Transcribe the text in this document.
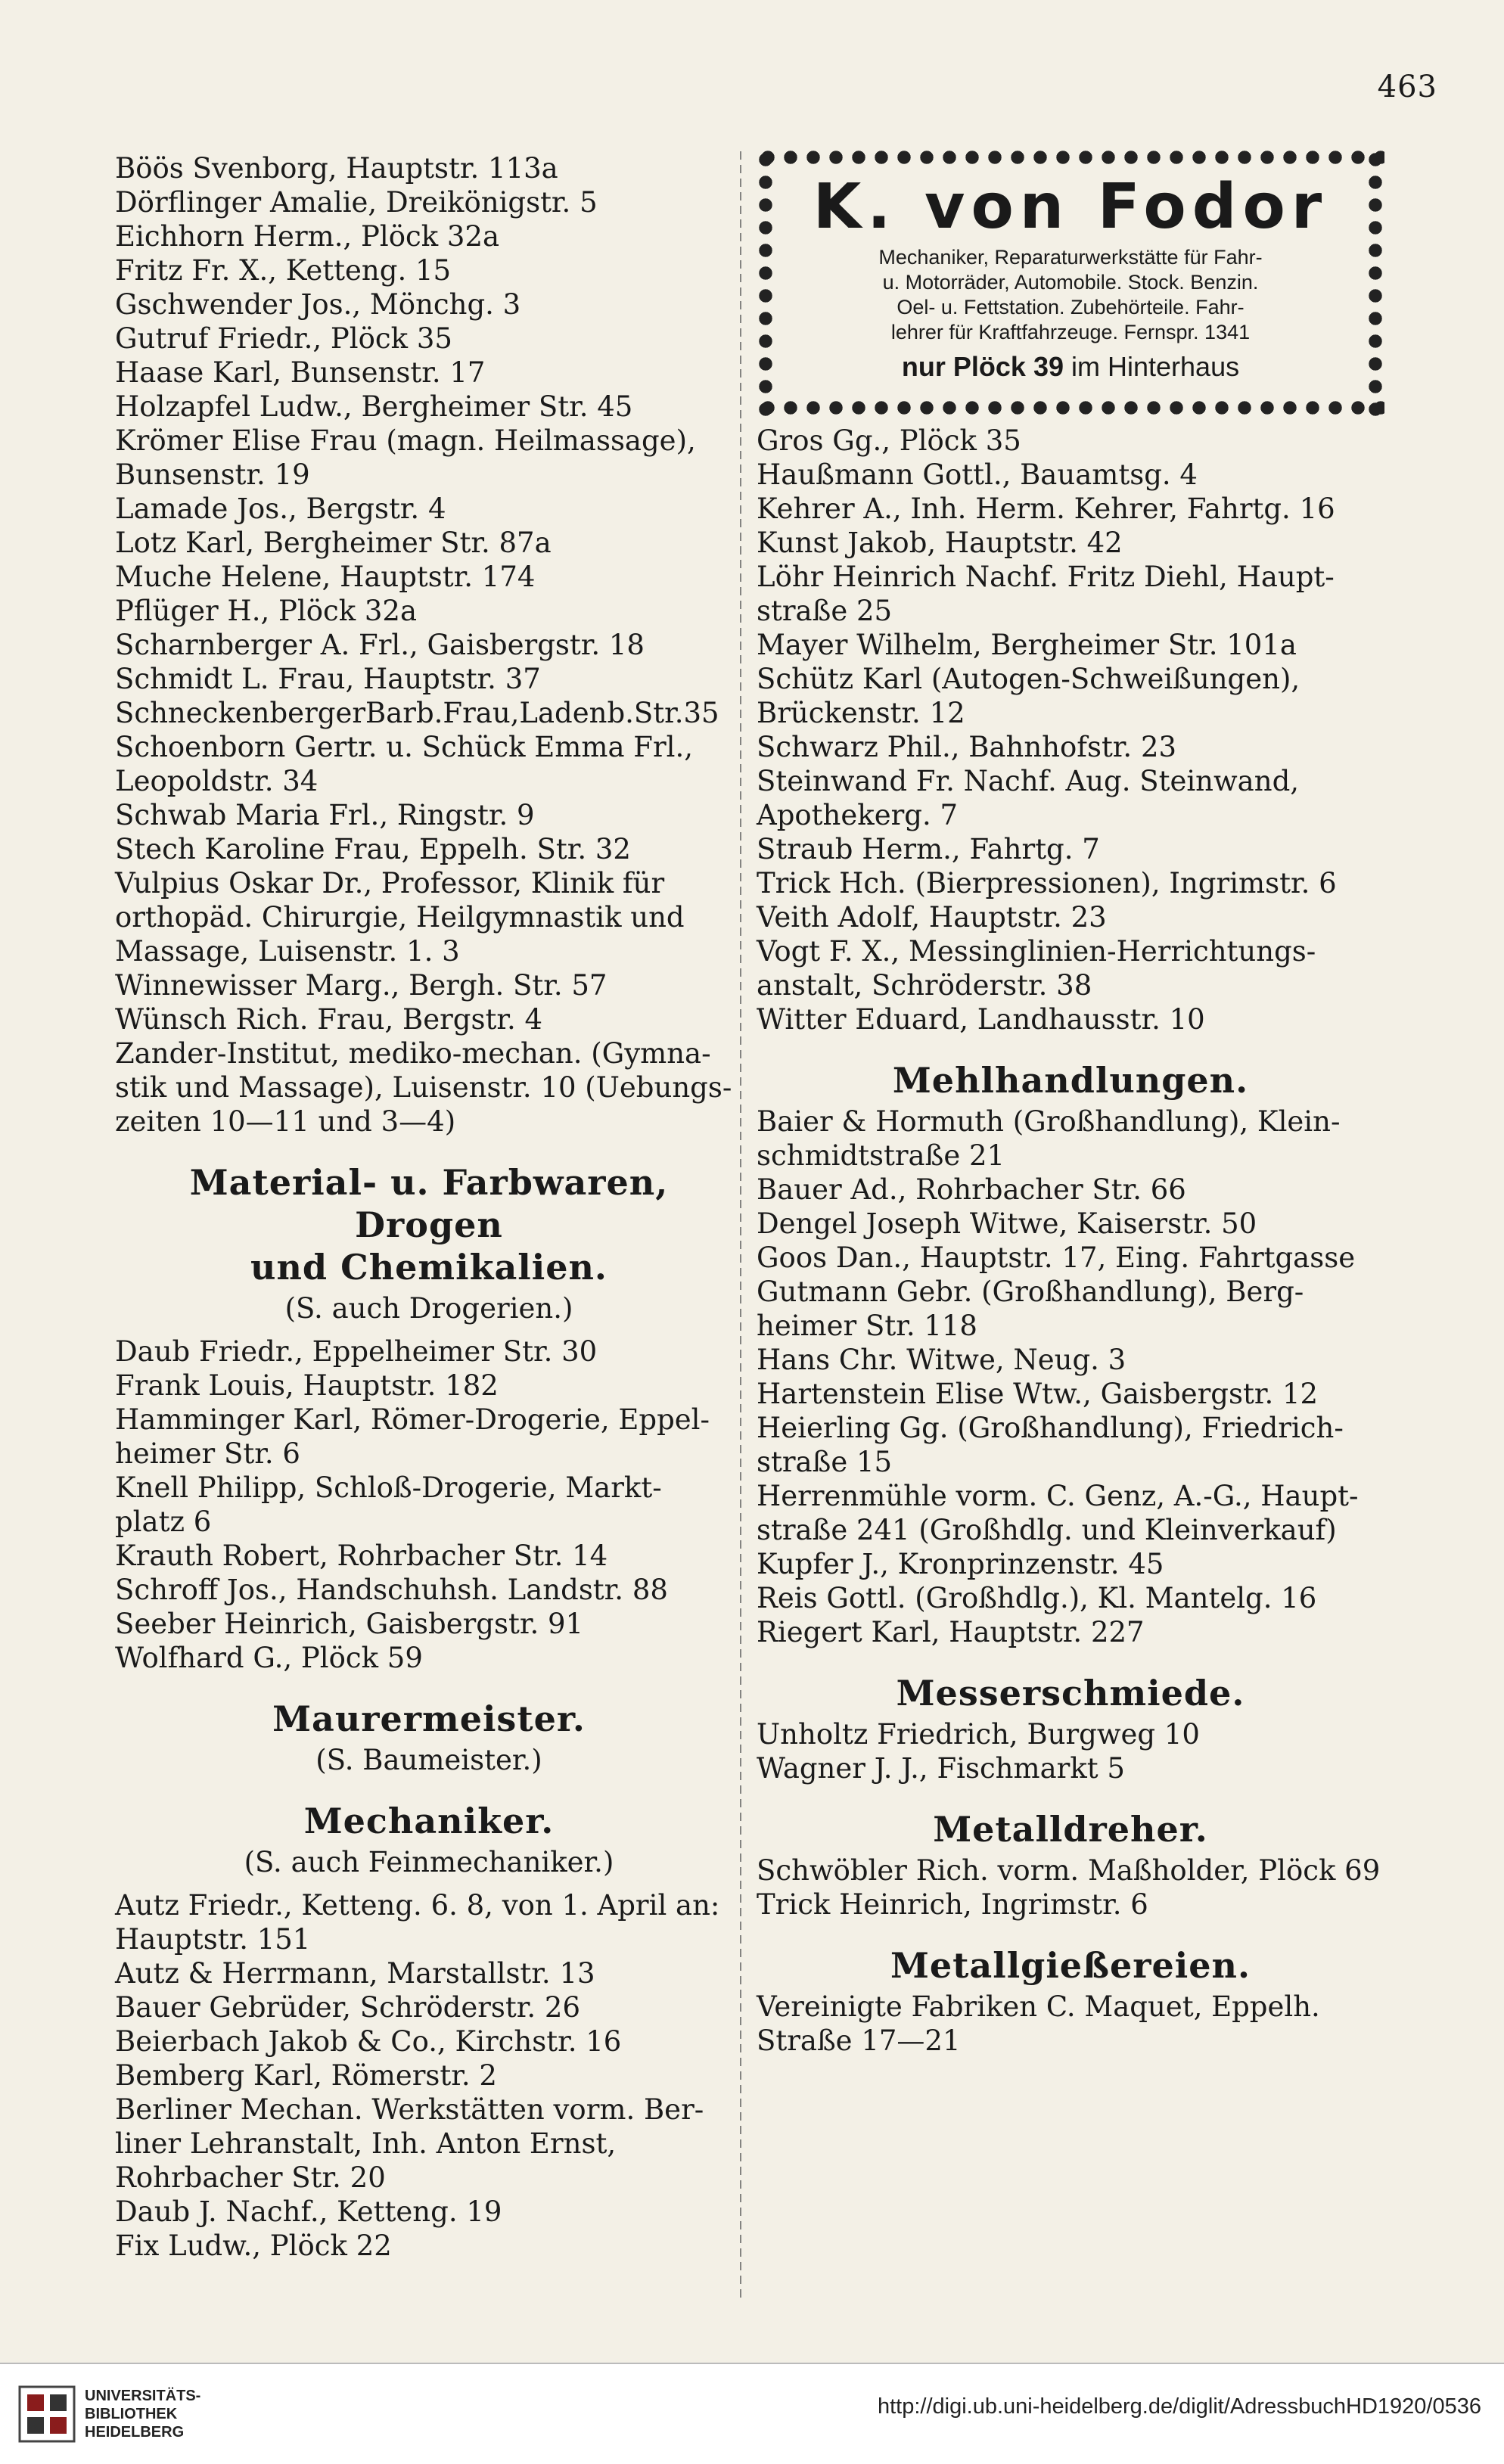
463

Böös Svenborg, Hauptstr. 113a

Dörflinger Amalie, Dreikönigstr. 5

Eichhorn Herm., Plöck 32a

Fritz Fr. X., Ketteng. 15

Gschwender Jos., Mönchg. 3

Gutruf Friedr., Plöck 35

Haase Karl, Bunsenstr. 17

Holzapfel Ludw., Bergheimer Str. 45

Krömer Elise Frau (magn. Heilmassage),
Bunsenstr. 19

Lamade Jos., Bergstr. 4

Lotz Karl, Bergheimer Str. 87a

Muche Helene, Hauptstr. 174

Pflüger H., Plöck 32a

Scharnberger A. Frl., Gaisbergstr. 18

Schmidt L. Frau, Hauptstr. 37

SchneckenbergerBarb.Frau,Ladenb.Str.35

Schoenborn Gertr. u. Schück Emma Frl.,
Leopoldstr. 34

Schwab Maria Frl., Ringstr. 9

Stech Karoline Frau, Eppelh. Str. 32

Vulpius Oskar Dr., Professor, Klinik für
orthopäd. Chirurgie, Heilgymnastik und
Massage, Luisenstr. 1. 3

Winnewisser Marg., Bergh. Str. 57

Wünsch Rich. Frau, Bergstr. 4

Zander-Institut, mediko-mechan. (Gymna-
stik und Massage), Luisenstr. 10 (Uebungs-
zeiten 10—11 und 3—4)

Material- u. Farbwaren, Drogen
und Chemikalien.
(S. auch Drogerien.)

Daub Friedr., Eppelheimer Str. 30

Frank Louis, Hauptstr. 182

Hamminger Karl, Römer-Drogerie, Eppel-
heimer Str. 6

Knell Philipp, Schloß-Drogerie, Markt-
platz 6

Krauth Robert, Rohrbacher Str. 14

Schroff Jos., Handschuhsh. Landstr. 88

Seeber Heinrich, Gaisbergstr. 91

Wolfhard G., Plöck 59

Maurermeister.
(S. Baumeister.)
Mechaniker.
(S. auch Feinmechaniker.)

Autz Friedr., Ketteng. 6. 8, von 1. April an:
Hauptstr. 151

Autz & Herrmann, Marstallstr. 13

Bauer Gebrüder, Schröderstr. 26

Beierbach Jakob & Co., Kirchstr. 16

Bemberg Karl, Römerstr. 2

Berliner Mechan. Werkstätten vorm. Ber-
liner Lehranstalt, Inh. Anton Ernst,
Rohrbacher Str. 20

Daub J. Nachf., Ketteng. 19

Fix Ludw., Plöck 22

K. von Fodor
Mechaniker, Reparaturwerkstätte für Fahr-
u. Motorräder, Automobile. Stock. Benzin.
Oel- u. Fettstation. Zubehörteile. Fahr-
lehrer für Kraftfahrzeuge. Fernspr. 1341
nur Plöck 39 im Hinterhaus

Gros Gg., Plöck 35

Haußmann Gottl., Bauamtsg. 4

Kehrer A., Inh. Herm. Kehrer, Fahrtg. 16

Kunst Jakob, Hauptstr. 42

Löhr Heinrich Nachf. Fritz Diehl, Haupt-
straße 25

Mayer Wilhelm, Bergheimer Str. 101a

Schütz Karl (Autogen-Schweißungen),
Brückenstr. 12

Schwarz Phil., Bahnhofstr. 23

Steinwand Fr. Nachf. Aug. Steinwand,
Apothekerg. 7

Straub Herm., Fahrtg. 7

Trick Hch. (Bierpressionen), Ingrimstr. 6

Veith Adolf, Hauptstr. 23

Vogt F. X., Messinglinien-Herrichtungs-
anstalt, Schröderstr. 38

Witter Eduard, Landhausstr. 10

Mehlhandlungen.

Baier & Hormuth (Großhandlung), Klein-
schmidtstraße 21

Bauer Ad., Rohrbacher Str. 66

Dengel Joseph Witwe, Kaiserstr. 50

Goos Dan., Hauptstr. 17, Eing. Fahrtgasse

Gutmann Gebr. (Großhandlung), Berg-
heimer Str. 118

Hans Chr. Witwe, Neug. 3

Hartenstein Elise Wtw., Gaisbergstr. 12

Heierling Gg. (Großhandlung), Friedrich-
straße 15

Herrenmühle vorm. C. Genz, A.-G., Haupt-
straße 241 (Großhdlg. und Kleinverkauf)

Kupfer J., Kronprinzenstr. 45

Reis Gottl. (Großhdlg.), Kl. Mantelg. 16

Riegert Karl, Hauptstr. 227

Messerschmiede.

Unholtz Friedrich, Burgweg 10

Wagner J. J., Fischmarkt 5

Metalldreher.

Schwöbler Rich. vorm. Maßholder, Plöck 69

Trick Heinrich, Ingrimstr. 6

Metallgießereien.

Vereinigte Fabriken C. Maquet, Eppelh.
Straße 17—21

UNIVERSITÄTS-
BIBLIOTHEK
HEIDELBERG
http://digi.ub.uni-heidelberg.de/diglit/AdressbuchHD1920/0536
